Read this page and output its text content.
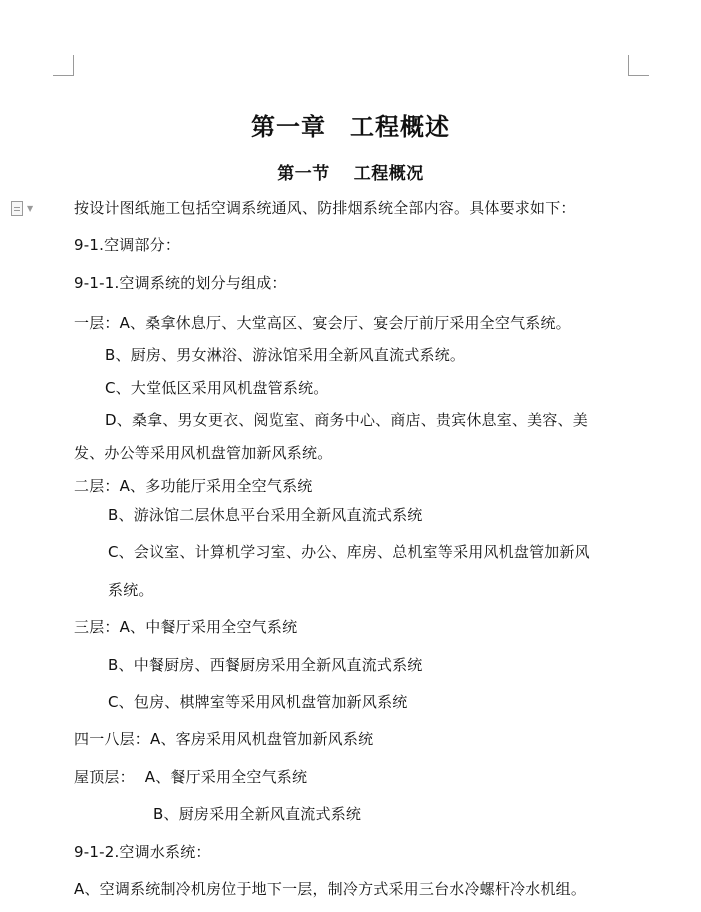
▼
第一章 工程概述
第一节 工程概况
按设计图纸施工包括空调系统通风、防排烟系统全部内容。具体要求如下：
9-1.空调部分：
9-1-1.空调系统的划分与组成：
一层：A、桑拿休息厅、大堂高区、宴会厅、宴会厅前厅采用全空气系统。
B、厨房、男女淋浴、游泳馆采用全新风直流式系统。
C、大堂低区采用风机盘管系统。
D、桑拿、男女更衣、阅览室、商务中心、商店、贵宾休息室、美容、美
发、办公等采用风机盘管加新风系统。
二层：A、多功能厅采用全空气系统
B、游泳馆二层休息平台采用全新风直流式系统
C、会议室、计算机学习室、办公、库房、总机室等采用风机盘管加新风
系统。
三层：A、中餐厅采用全空气系统
B、中餐厨房、西餐厨房采用全新风直流式系统
C、包房、棋牌室等采用风机盘管加新风系统
四一八层：A、客房采用风机盘管加新风系统
屋顶层：  A、餐厅采用全空气系统
B、厨房采用全新风直流式系统
9-1-2.空调水系统：
A、空调系统制冷机房位于地下一层，制冷方式采用三台水冷螺杆冷水机组。
